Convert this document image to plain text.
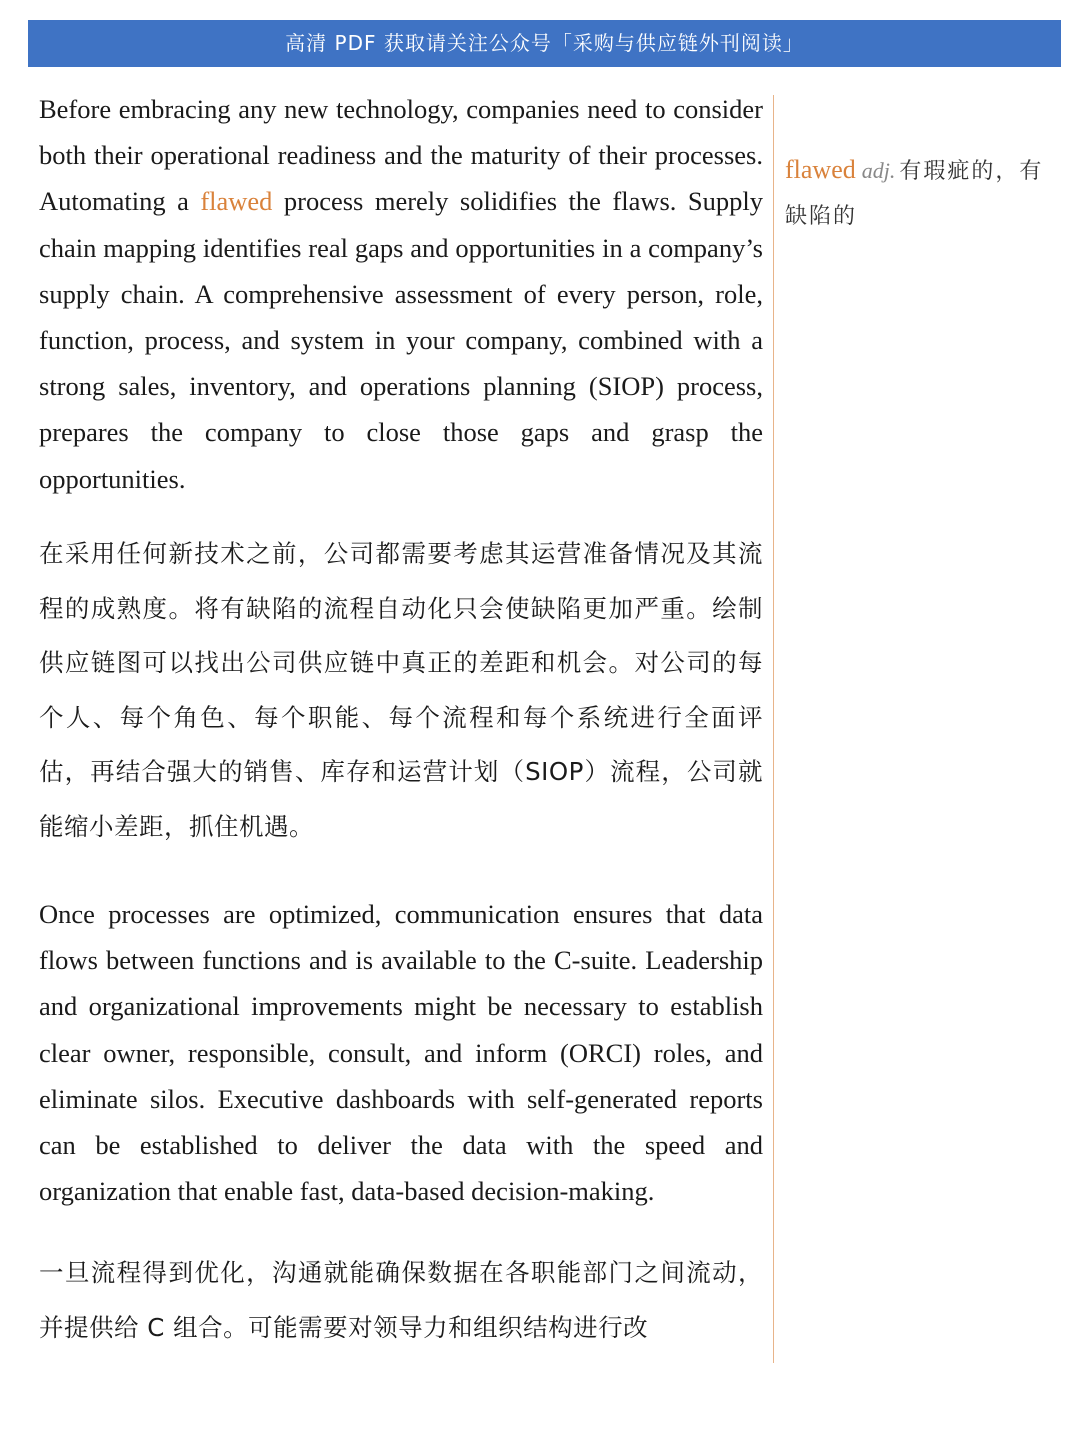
高清 PDF 获取请关注公众号「采购与供应链外刊阅读」

Before embracing any new technology, companies need to consider both their operational readiness and the maturity of their processes. Automating a flawed process merely solidifies the flaws. Supply chain mapping identifies real gaps and opportunities in a company’s supply chain. A comprehensive assessment of every person, role, function, process, and system in your company, combined with a strong sales, inventory, and operations planning (SIOP) process, prepares the company to close those gaps and grasp the opportunities.

在采用任何新技术之前，公司都需要考虑其运营准备情况及其流程的成熟度。将有缺陷的流程自动化只会使缺陷更加严重。绘制供应链图可以找出公司供应链中真正的差距和机会。对公司的每个人、每个角色、每个职能、每个流程和每个系统进行全面评估，再结合强大的销售、库存和运营计划（SIOP）流程，公司就能缩小差距，抓住机遇。

Once processes are optimized, communication ensures that data flows between functions and is available to the C-suite. Leadership and organizational improvements might be necessary to establish clear owner, responsible, consult, and inform (ORCI) roles, and eliminate silos. Executive dashboards with self-generated reports can be established to deliver the data with the speed and organization that enable fast, data-based decision-making.

一旦流程得到优化，沟通就能确保数据在各职能部门之间流动，并提供给 C 组合。可能需要对领导力和组织结构进行改

flawed adj. 有瑕疵的，有缺陷的
